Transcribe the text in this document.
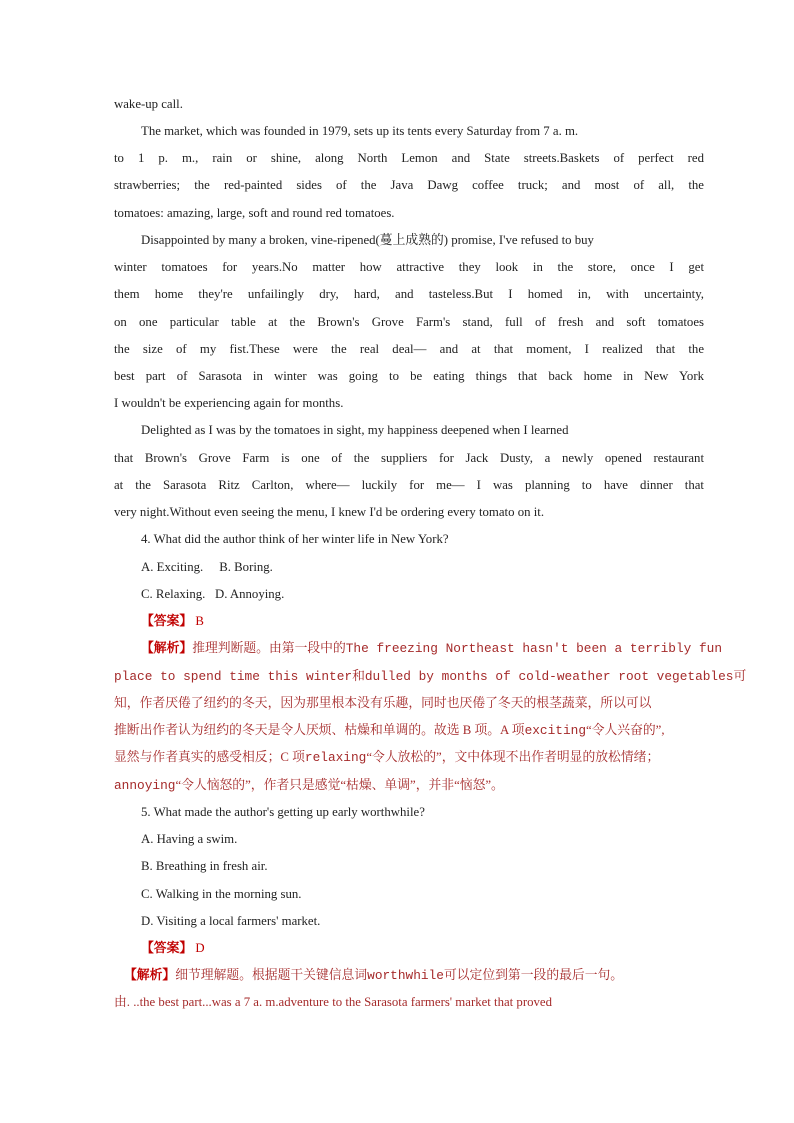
wake-up call.
The market, which was founded in 1979, sets up its tents every Saturday from 7 a. m.
to 1 p. m., rain or shine, along North Lemon and State streets.Baskets of perfect red
strawberries; the red-painted sides of the Java Dawg coffee truck; and most of all, the
tomatoes: amazing, large, soft and round red tomatoes.
Disappointed by many a broken, vine-ripened(蔓上成熟的) promise, I've refused to buy
winter tomatoes for years.No matter how attractive they look in the store, once I get
them home they're unfailingly dry, hard, and tasteless.But I homed in, with uncertainty,
on one particular table at the Brown's Grove Farm's stand, full of fresh and soft tomatoes
the size of my fist.These were the real deal— and at that moment, I realized that the
best part of Sarasota in winter was going to be eating things that back home in New York
I wouldn't be experiencing again for months.
Delighted as I was by the tomatoes in sight, my happiness deepened when I learned
that Brown's Grove Farm is one of the suppliers for Jack Dusty, a newly opened restaurant
at the Sarasota Ritz Carlton, where— luckily for me— I was planning to have dinner that
very night.Without even seeing the menu, I knew I'd be ordering every tomato on it.
4. What did the author think of her winter life in New York?
A. Exciting. B. Boring.
C. Relaxing. D. Annoying.
【答案】 B
【解析】推理判断题。由第一段中的The freezing Northeast hasn't been a terribly fun
place to spend time this winter和dulled by months of cold-weather root vegetables可
知，作者厌倦了纽约的冬天，因为那里根本没有乐趣，同时也厌倦了冬天的根茎蔬菜，所以可以
推断出作者认为纽约的冬天是令人厌烦、枯燥和单调的。故选 B 项。A 项exciting“令人兴奋的”,
显然与作者真实的感受相反；C 项relaxing“令人放松的”，文中体现不出作者明显的放松情绪；
annoying“令人恼怒的”，作者只是感觉“枯燥、单调”，并非“恼怒”。
5. What made the author's getting up early worthwhile?
A. Having a swim.
B. Breathing in fresh air.
C. Walking in the morning sun.
D. Visiting a local farmers' market.
【答案】 D
【解析】细节理解题。根据题干关键信息词worthwhile可以定位到第一段的最后一句。
由. ..the best part...was a 7 a. m.adventure to the Sarasota farmers' market that proved
